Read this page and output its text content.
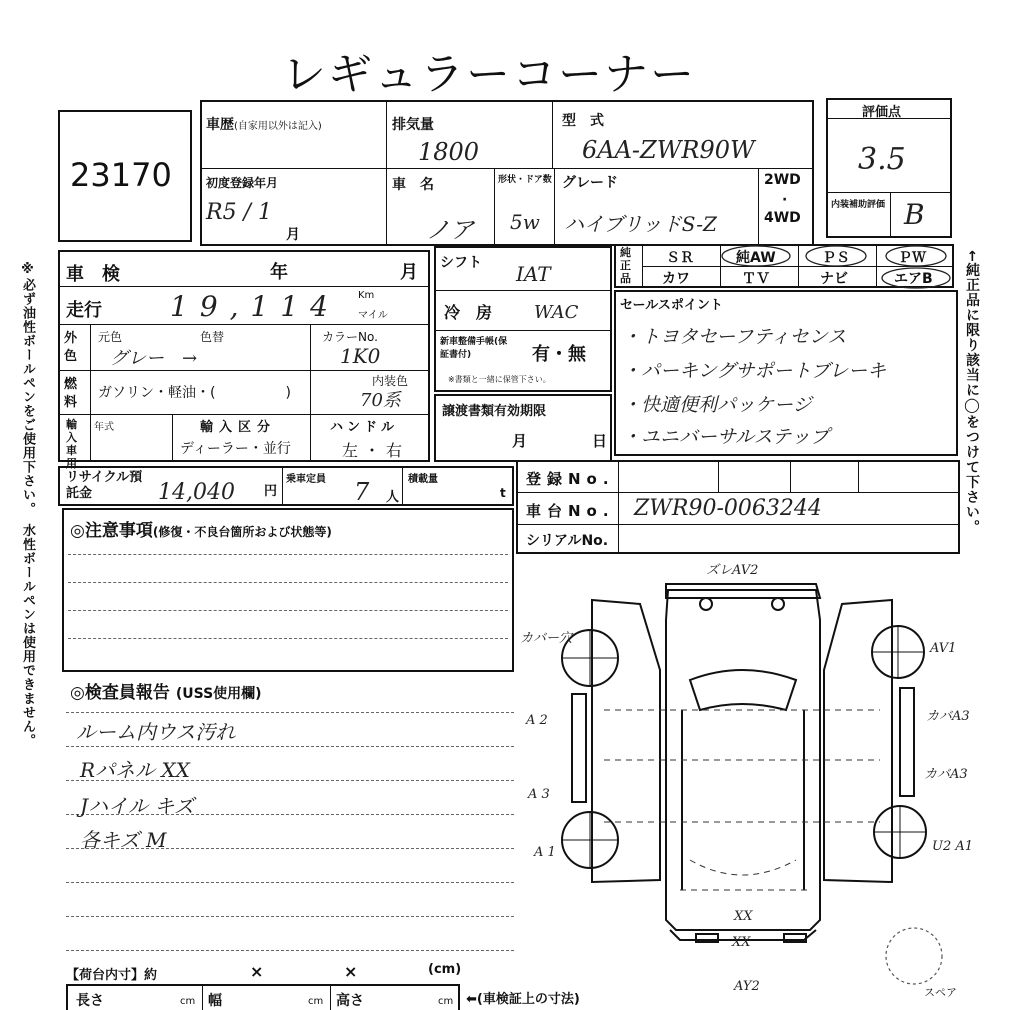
レギュラーコーナー
※必ず油性ボールペンをご使用下さい。　水性ボールペンは使用できません。	←純正品に限り該当に◯をつけて下さい。
23170
車歴(自家用以外は記入)	排気量
1800
型　式
6AA-ZWR90W
初度登録年月
R5 / 1
月
車　名
ノア
形状・ドア数
5w
グレード
ハイブリッドS-Z
2WD
·
4WD
評価点
3.5
内装補助評価 B
車　検	年	月
走行 19,114 Km
マイル
外色
元色	色替
グレー　→
カラーNo.
1K0
燃料
ガソリン・軽油・(　　　　　)
内装色
70系
輸入車用
年式	輸入区分
ディーラー・並行
ハンドル
左・右
シフト IAT
冷　房 WAC
新車整備手帳(保証書付)	有・無
※書類と一緒に保管下さい。
純正品
ＳＲ	純AW	ＰＳ	ＰＷ
カワ	ＴＶ	ナビ	エアB
セールスポイント
・トヨタセーフティセンス
・パーキングサポートブレーキ
・快適便利パッケージ
・ユニバーサルステップ
譲渡書類有効期限
月	日
リサイクル預託金	14,040 円
乗車定員 7 人
積載量
t
登録No.
車台No. ZWR90-0063244
シリアルNo.
◎注意事項(修復・不良台箇所および状態等)
◎検査員報告 (USS使用欄)
ルーム内ウス汚れ
Rパネル XX
Jハイル キズ
各キズ M
ズレAV2
カバー穴
A 2
A 3
A 1
AV1
カバA3
カバA3
U2 A1
XX
XX
AY2	スペア
【荷台内寸】約	×	×	(cm)
長さ	cm 幅	cm 高さ	cm ⬅(車検証上の寸法)
